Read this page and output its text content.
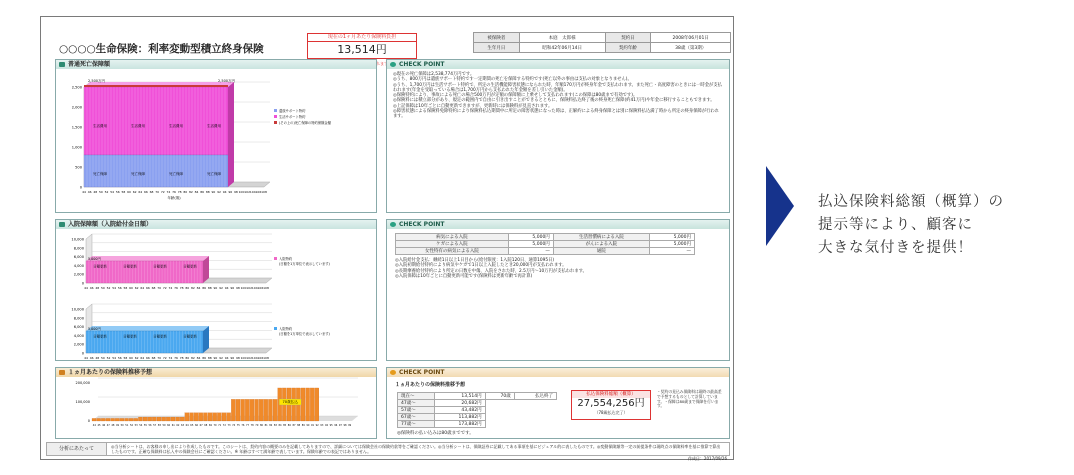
○○○○生命保険：利率変動型積立終身保険
現在の1ヶ月あたり保険料負担
13,514円
被保険者	本庭　太郎様	契約日	2008年06月01日
生年月日	昭和42年06月14日	契約年齢	38歳（第3期）
普通死亡保障額
2,500
2,000
1,500
1,000
500
0
44 46 48 50 52 54 56 58 60 62 64 66 68 70 72 74 76 78 80 82 84 86 88 90 92 94 96 98 100 102 104 106 108
生活費用
死亡保障
生活費用
死亡保障
生活費用
死亡保障
生活費用
死亡保障
2,500万円	2,500万円
遺族サポート特約
生活サポート特約
(その上の)死亡保障の特約保険金額
年齢(歳)
CHECK POINT
◎現在の死亡保障は2,538,774万円です。
◎うち、800万円は遺族サポート特約です一定期間の死亡を保障する特約です(死亡以外の事由は支払の対象となりません)。
◎うち、1,700万円は生活サポート特約で、所定の生活機能障害状態になられた時、年額170万円が終身年金で支払われます。また死亡・高度障害のときには一時金が支払われます(年金を受取っている場合は1,700万円から支払われた年金額を差し引いた金額)。
◎保険特約により、事故による死亡の場合500万円が定額の保障額に上乗せして支払われます(この保障は80歳まで有効です)。
◎保険料には積立部分があり、規定の範囲内で自由に引き出すことができるとともに、保険料払込終了後の終身死亡保障(約41万円)や年金に移行することもできます。
◎上記保障は10年ごとに自動更新できますが、更新時には保険料が見直されます。
◎障害状態による保険料免除特約により保険料払込期間中に所定の障害状態になった時は、正解約による終身保障とは別に保険料払込満了時から所定の終身保障が行われます。
入院保障額（入院給付金日額）
10,000
8,000
6,000
4,000
2,000
0
44 46 48 50 52 54 56 58 60 62 64 66 68 70 72 74 76 78 80 82 84 86 88 90 92 94 96 98 100 102 104 106 108
日額更新	日額更新	日額更新	日額更新
5,000円	入院特約
(日額を1万単位で表示しています)

10,000
8,000
6,000
4,000
2,000
0
44 46 48 50 52 54 56 58 60 62 64 66 68 70 72 74 76 78 80 82 84 86 88 90 92 94 96 98 100 102 104 106 108
日額更新	日額更新	日額更新	日額更新
5,000円	入院特約
(日額を1万単位で表示しています)
CHECK POINT
病気による入院	5,000円	生活習慣病による入院	5,000円
ケガによる入院	5,000円	がんによる入院	5,000円
女性特有の病気による入院	—	通院	—
◎入院給付金支払：継続1日以上1日目から(給付限度：1入院120日、通算1095日)
◎入院初期給付特約により病気やケガで1日以上入院したとき20,000円が支払われます。
◎長期療養給付特約により所定の日数を中傷、入院をされた時、2.5万円〜10万円が支払われます。
◎入院保障は10年ごとに自動更新可能です(保険料は更新年齢で再計算)
１ヵ月あたりの保険料推移予想
200,000
100,000
0
44 45 46 47 48 49 50 51 52 53 54 55 56 57 58 59 60 61 62 63 64 65 66 67 68 69 70 71 72 73 74 75 76 77 78 79 80 81 82 83 84 85 86 87 88 89 90 91 92 93 94 95 96 97 98 99
70歳払込
CHECK POINT
１ヵ月あたりの保険料推移予想
現在〜	13,514円	70歳	払込終了
47歳〜	20,682円		
57歳〜	43,482円		
67歳〜	113,882円		
77歳〜	173,882円		
払込保険料総額（概算）
27,554,256円
（78歳払込完了）
・契約の見込み保険料は現時の最高差で予想するものとして計算しています。・保障は80歳まで保障を行います。
◎保険料の払い込みは80歳までです。
分析にあたって	◎当分析シートは、お客様の申し出により作成したものです。このシートは、契約内容の概要のみを記載してありますので、詳細については保険会社の保険約款等をご確認ください。◎当分析シートは、保険証券に記載してある事項を基にビジュアル的に表したものです。◎変動保険額等一定の前提条件は現時点の保険料率を基に推算で算出したものです。正確な保険料は払入中の保険会社にご確認ください。※ 年齢はすべて満年齢で表しています。保険年齢での表記ではありません。
作成日：2017/09/26
払込保険料総額（概算）の
提示等により、顧客に
大きな気付きを提供！
